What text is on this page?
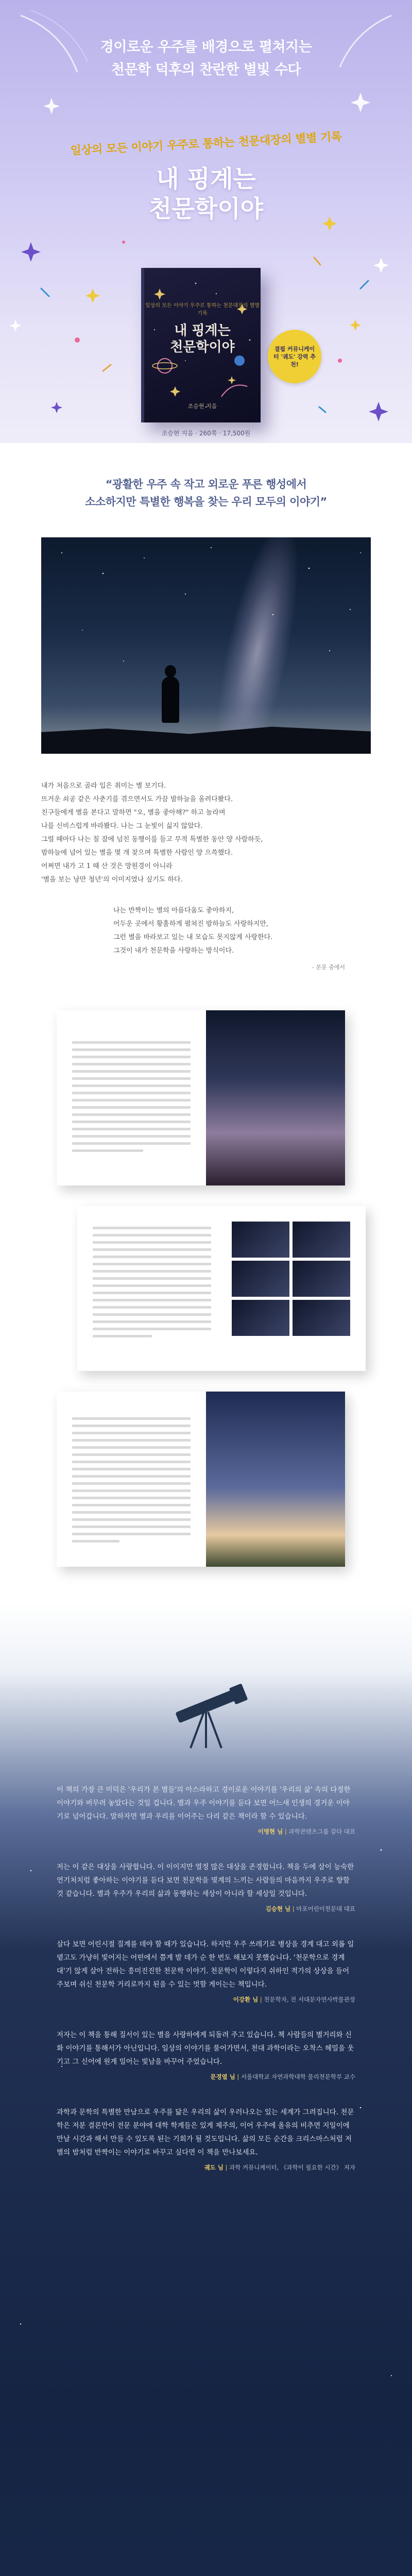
경이로운 우주를 배경으로 펼쳐지는
천문학 덕후의 찬란한 별빛 수다
일상의 모든 이야기 우주로 통하는 천문대장의 별별 기록
내 핑계는
천문학이야
일상의 모든 이야기 우주로 통하는 천문대장의 별별 기록
내 핑계는
천문학이야
조승현 지음
결핍 커뮤니케이터 '궤도' 강력 추천!
조승현 지음 · 260쪽 · 17,500원
“광활한 우주 속 작고 외로운 푸른 행성에서
소소하지만 특별한 행복을 찾는 우리 모두의 이야기”

내가 처음으로 골라 입은 취미는 별 보기다.

뜨거운 쇠공 같은 사춘기를 겪으면서도 가끔 밤하늘을 올려다봤다.

친구들에게 별을 본다고 말하면 "오, 별을 좋아해?" 하고 놀라며

나를 신비스럽게 바라봤다. 나는 그 눈빛이 싫지 않았다.

그럴 때마다 나는 칠 잠에 넘친 동행이를 들고 무적 특별한 동안 양 사람하듯,

밤하늘에 넘어 있는 별을 몇 개 찾으며 특별한 사람인 양 으쓱했다.

어쩌면 내가 고 1 때 산 것은 망원경이 아니라

'별을 보는 낭만 청년'의 이미지였나 싶기도 하다.

나는 반짝이는 별의 아름다움도 좋아하지,

어두운 곳에서 황홀하게 펼쳐진 밤하늘도 사랑하지만,

그런 별을 바라보고 있는 내 모습도 못지않게 사랑한다.

그것이 내가 천문학을 사랑하는 방식이다.

- 본문 중에서

이 책의 가장 큰 미덕은 '우리가 본 별들'의 아스라하고 경이로운 이야기를 '우리의 삶' 속의 다정한 이야기와 버무려 놓았다는 것일 겁니다. 별과 우주 이야기를 듣다 보면 어느새 인생의 경거운 이야기로 넘어갑니다. 말하자면 별과 우리를 이어주는 다리 같은 책이라 할 수 있습니다.

이명현 님 | 과학콘텐츠그룹 갈다 대표

저는 이 같은 대상을 사랑합니다. 이 이이지만 열정 많은 대상을 존경합니다. 책을 두에 삼이 능숙한 연기처치럼 좋아하는 이야기를 듣다 보면 천문학을 몇계의 느끼는 사람들의 마음까지 우주로 향할 것 같습니다. 별과 우주가 우리의 삶과 동행하는 세상이 아니라 할 세상일 것입니다.

김승현 님 | 마포어린이천문대 대표

살다 보면 어린시절 질계를 데야 할 때가 있습니다. 하지만 우주 쓰레기로 병상을 경계 대고 외롭 일 뎉고도 가냥히 빛어지는 어떤에서 쯤계 발 데가 순 한 번도 해보지 못했습니다. '천문학으로 경계 대'기 않게 살아 전하는 흥미진진한 천문학 이야기. 천문학이 이렇다지 쉬하인 적가의 상상을 들어주보며 쉬신 천문학 거리로까지 된을 수 있는 멋할 게이는는 책입니다.

이강환 님 | 천문학자, 전 서대문자연사박물관장

저자는 이 책을 통해 질서이 있는 별을 사랑하에게 되돌려 주고 있습니다. 책 사람들의 별거리와 신화 이야기를 통해서가 아닌입니다. 일상의 이야기를 풀어가면서, 천대 과학이라는 오착스 헤밀을 웃기고 그 신어에 원계 밀어는 빛남을 바꾸어 주었습니다.

문경열 님 | 서울대학교 자연과학대학 물리천문학부 교수

과학과 문학의 특별한 만남으로 우주를 닮은 우리의 삶이 우러나오는 있는 세계가 그려집니다. 천문학은 저분 결론만이 전문 분야에 대학 학계들은 있게 제주의, 이어 우주에 올유의 비추면 지일이에 만날 시간과 해서 만들 수 있도록 된는 기회가 될 것도입니다. 삶의 모든 순간을 크리스마스처럼 저별의 밤처럼 반짝이는 이야기로 바꾸고 싶다면 이 책을 만나보세요.

궤도 님 | 과학 커뮤니케이터, 《과학이 필요한 시간》 저자
